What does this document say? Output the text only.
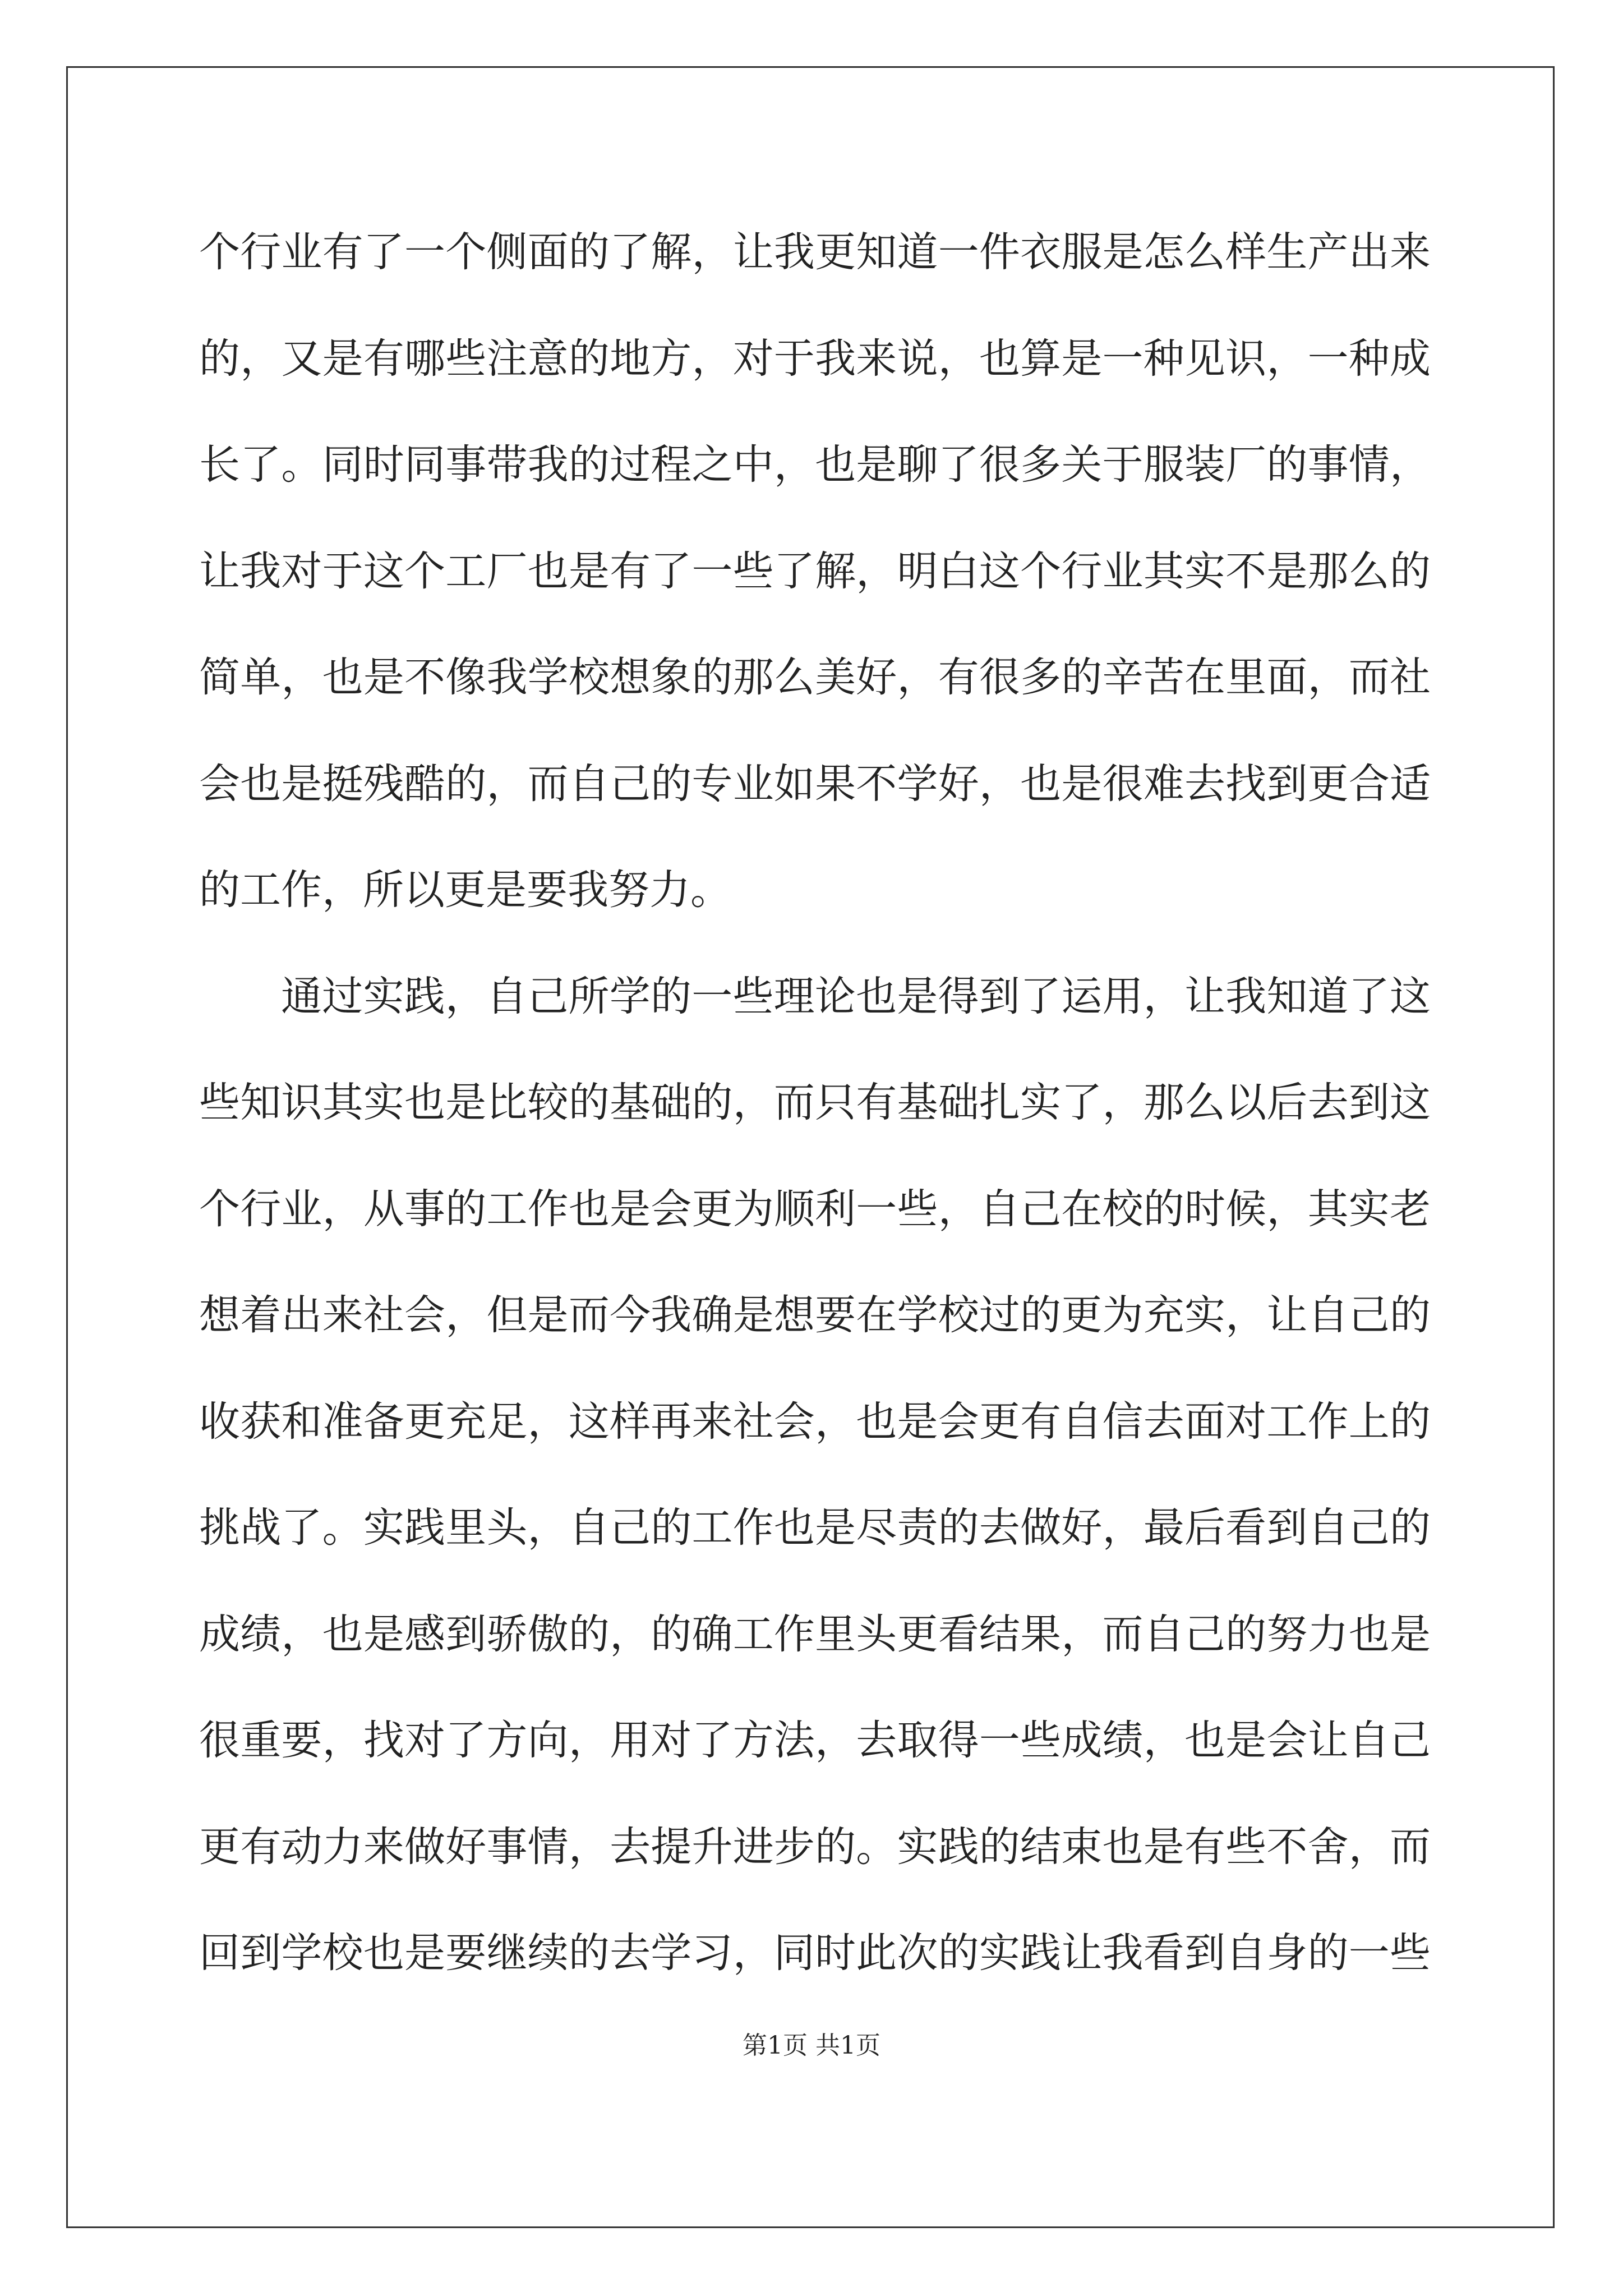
个行业有了一个侧面的了解，让我更知道一件衣服是怎么样生产出来
的，又是有哪些注意的地方，对于我来说，也算是一种见识，一种成
长了。同时同事带我的过程之中，也是聊了很多关于服装厂的事情，
让我对于这个工厂也是有了一些了解，明白这个行业其实不是那么的
简单，也是不像我学校想象的那么美好，有很多的辛苦在里面，而社
会也是挺残酷的，而自己的专业如果不学好，也是很难去找到更合适
的工作，所以更是要我努力。
通过实践，自己所学的一些理论也是得到了运用，让我知道了这
些知识其实也是比较的基础的，而只有基础扎实了，那么以后去到这
个行业，从事的工作也是会更为顺利一些，自己在校的时候，其实老
想着出来社会，但是而今我确是想要在学校过的更为充实，让自己的
收获和准备更充足，这样再来社会，也是会更有自信去面对工作上的
挑战了。实践里头，自己的工作也是尽责的去做好，最后看到自己的
成绩，也是感到骄傲的，的确工作里头更看结果，而自己的努力也是
很重要，找对了方向，用对了方法，去取得一些成绩，也是会让自己
更有动力来做好事情，去提升进步的。实践的结束也是有些不舍，而
回到学校也是要继续的去学习，同时此次的实践让我看到自身的一些
第1页 共1页
